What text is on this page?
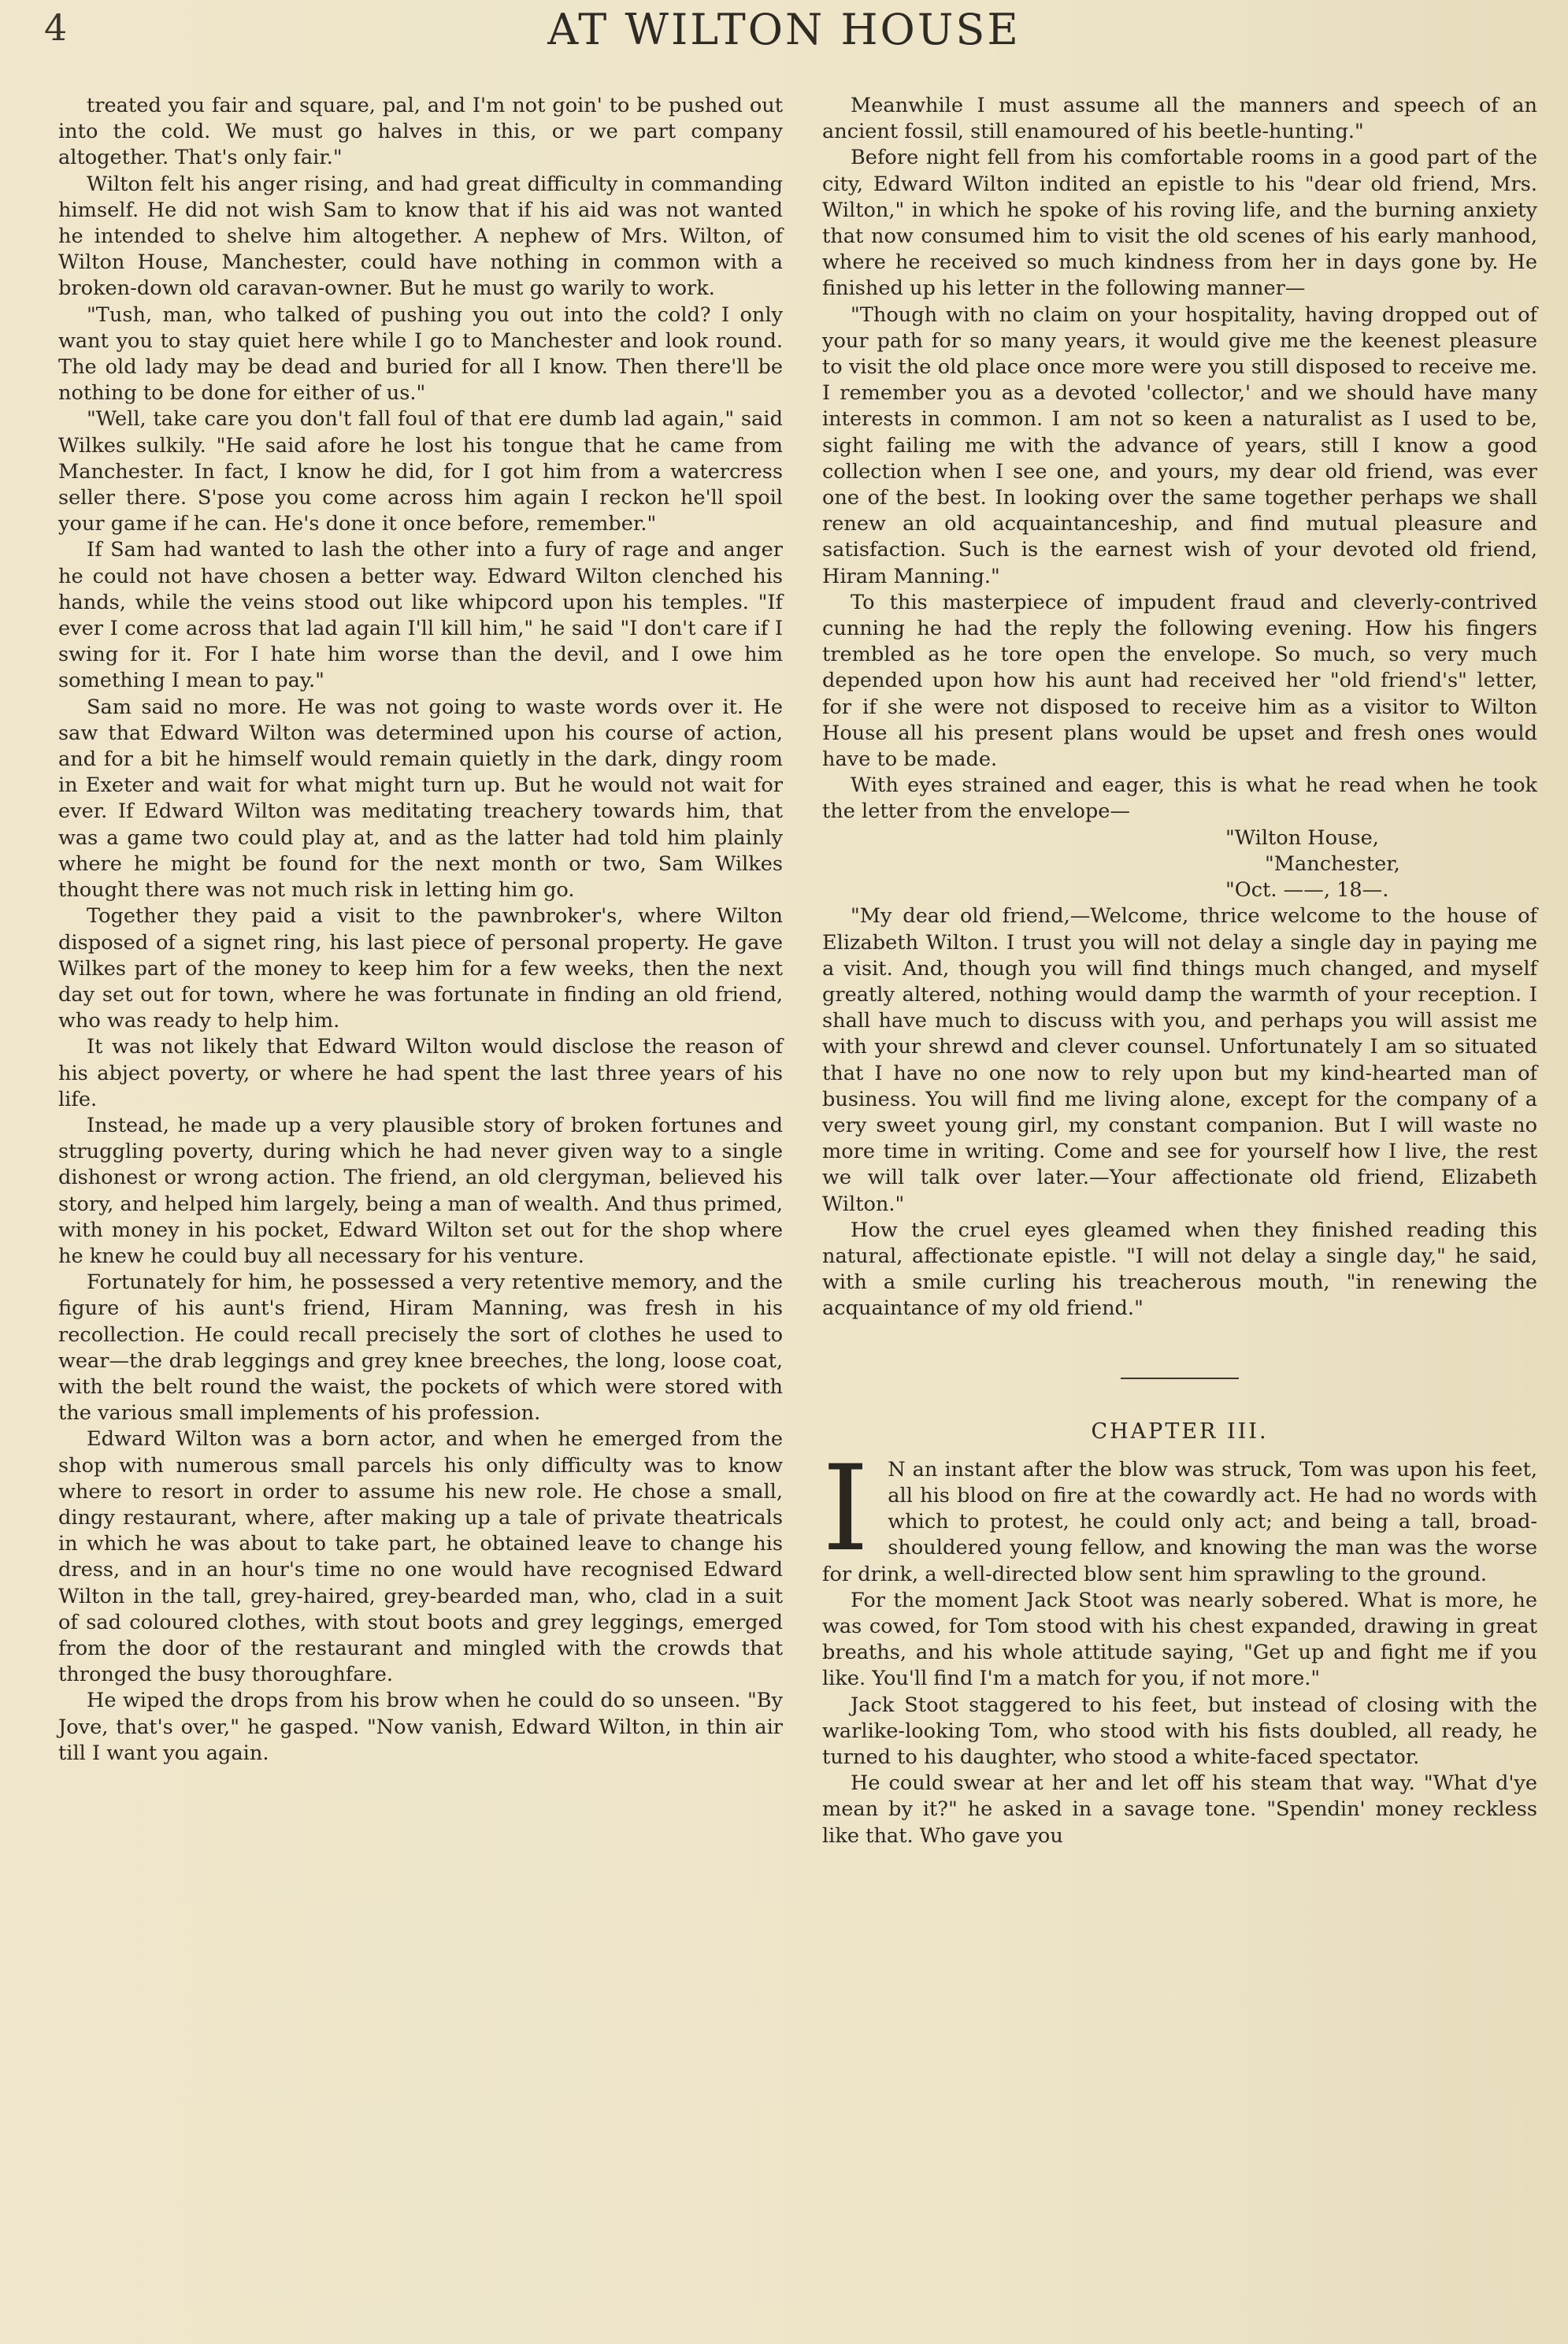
4	AT WILTON HOUSE

treated you fair and square, pal, and I'm not goin' to be pushed out into the cold. We must go halves in this, or we part company altogether. That's only fair."

Wilton felt his anger rising, and had great difficulty in commanding himself. He did not wish Sam to know that if his aid was not wanted he intended to shelve him altogether. A nephew of Mrs. Wilton, of Wilton House, Manchester, could have nothing in common with a broken-down old caravan-owner. But he must go warily to work.

"Tush, man, who talked of pushing you out into the cold? I only want you to stay quiet here while I go to Manchester and look round. The old lady may be dead and buried for all I know. Then there'll be nothing to be done for either of us."

"Well, take care you don't fall foul of that ere dumb lad again," said Wilkes sulkily. "He said afore he lost his tongue that he came from Manchester. In fact, I know he did, for I got him from a watercress seller there. S'pose you come across him again I reckon he'll spoil your game if he can. He's done it once before, remember."

If Sam had wanted to lash the other into a fury of rage and anger he could not have chosen a better way. Edward Wilton clenched his hands, while the veins stood out like whipcord upon his temples. "If ever I come across that lad again I'll kill him," he said "I don't care if I swing for it. For I hate him worse than the devil, and I owe him something I mean to pay."

Sam said no more. He was not going to waste words over it. He saw that Edward Wilton was determined upon his course of action, and for a bit he himself would remain quietly in the dark, dingy room in Exeter and wait for what might turn up. But he would not wait for ever. If Edward Wilton was meditating treachery towards him, that was a game two could play at, and as the latter had told him plainly where he might be found for the next month or two, Sam Wilkes thought there was not much risk in letting him go.

Together they paid a visit to the pawnbroker's, where Wilton disposed of a signet ring, his last piece of personal property. He gave Wilkes part of the money to keep him for a few weeks, then the next day set out for town, where he was fortunate in finding an old friend, who was ready to help him.

It was not likely that Edward Wilton would disclose the reason of his abject poverty, or where he had spent the last three years of his life.

Instead, he made up a very plausible story of broken fortunes and struggling poverty, during which he had never given way to a single dishonest or wrong action. The friend, an old clergyman, believed his story, and helped him largely, being a man of wealth. And thus primed, with money in his pocket, Edward Wilton set out for the shop where he knew he could buy all necessary for his venture.

Fortunately for him, he possessed a very retentive memory, and the figure of his aunt's friend, Hiram Manning, was fresh in his recollection. He could recall precisely the sort of clothes he used to wear—the drab leggings and grey knee breeches, the long, loose coat, with the belt round the waist, the pockets of which were stored with the various small implements of his profession.

Edward Wilton was a born actor, and when he emerged from the shop with numerous small parcels his only difficulty was to know where to resort in order to assume his new role. He chose a small, dingy restaurant, where, after making up a tale of private theatricals in which he was about to take part, he obtained leave to change his dress, and in an hour's time no one would have recognised Edward Wilton in the tall, grey-haired, grey-bearded man, who, clad in a suit of sad coloured clothes, with stout boots and grey leggings, emerged from the door of the restaurant and mingled with the crowds that thronged the busy thoroughfare.

He wiped the drops from his brow when he could do so unseen. "By Jove, that's over," he gasped. "Now vanish, Edward Wilton, in thin air till I want you again.

Meanwhile I must assume all the manners and speech of an ancient fossil, still enamoured of his beetle-hunting."

Before night fell from his comfortable rooms in a good part of the city, Edward Wilton indited an epistle to his "dear old friend, Mrs. Wilton," in which he spoke of his roving life, and the burning anxiety that now consumed him to visit the old scenes of his early manhood, where he received so much kindness from her in days gone by. He finished up his letter in the following manner—

"Though with no claim on your hospitality, having dropped out of your path for so many years, it would give me the keenest pleasure to visit the old place once more were you still disposed to receive me. I remember you as a devoted 'collector,' and we should have many interests in common. I am not so keen a naturalist as I used to be, sight failing me with the advance of years, still I know a good collection when I see one, and yours, my dear old friend, was ever one of the best. In looking over the same together perhaps we shall renew an old acquaintanceship, and find mutual pleasure and satisfaction. Such is the earnest wish of your devoted old friend, Hiram Manning."

To this masterpiece of impudent fraud and cleverly-contrived cunning he had the reply the following evening. How his fingers trembled as he tore open the envelope. So much, so very much depended upon how his aunt had received her "old friend's" letter, for if she were not disposed to receive him as a visitor to Wilton House all his present plans would be upset and fresh ones would have to be made.

With eyes strained and eager, this is what he read when he took the letter from the envelope—

"Wilton House,

"Manchester,

"Oct. ——, 18—.

"My dear old friend,—Welcome, thrice welcome to the house of Elizabeth Wilton. I trust you will not delay a single day in paying me a visit. And, though you will find things much changed, and myself greatly altered, nothing would damp the warmth of your reception. I shall have much to discuss with you, and perhaps you will assist me with your shrewd and clever counsel. Unfortunately I am so situated that I have no one now to rely upon but my kind-hearted man of business. You will find me living alone, except for the company of a very sweet young girl, my constant companion. But I will waste no more time in writing. Come and see for yourself how I live, the rest we will talk over later.—Your affectionate old friend, Elizabeth Wilton."

How the cruel eyes gleamed when they finished reading this natural, affectionate epistle. "I will not delay a single day," he said, with a smile curling his treacherous mouth, "in renewing the acquaintance of my old friend."

CHAPTER III.

I N an instant after the blow was struck, Tom was upon his feet, all his blood on fire at the cowardly act. He had no words with which to protest, he could only act; and being a tall, broad-shouldered young fellow, and knowing the man was the worse for drink, a well-directed blow sent him sprawling to the ground.

For the moment Jack Stoot was nearly sobered. What is more, he was cowed, for Tom stood with his chest expanded, drawing in great breaths, and his whole attitude saying, "Get up and fight me if you like. You'll find I'm a match for you, if not more."

Jack Stoot staggered to his feet, but instead of closing with the warlike-looking Tom, who stood with his fists doubled, all ready, he turned to his daughter, who stood a white-faced spectator.

He could swear at her and let off his steam that way. "What d'ye mean by it?" he asked in a savage tone. "Spendin' money reckless like that. Who gave you
